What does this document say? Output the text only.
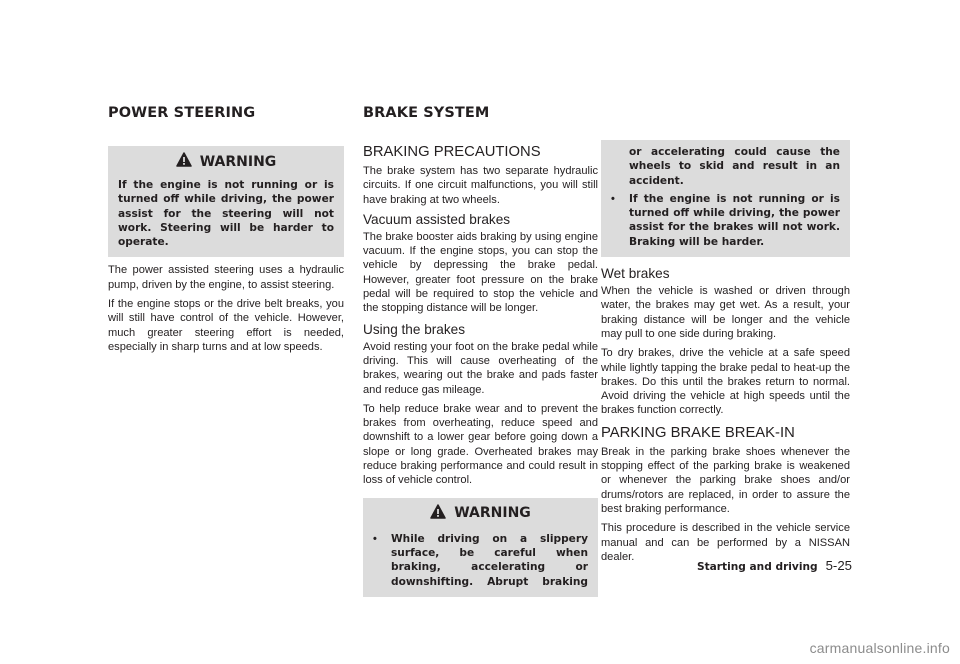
POWER STEERING	BRAKE SYSTEM
WARNING

If the engine is not running or is turned off while driving, the power assist for the steering will not work. Steering will be harder to operate.

The power assisted steering uses a hydraulic pump, driven by the engine, to assist steering.

If the engine stops or the drive belt breaks, you will still have control of the vehicle. However, much greater steering effort is needed, especially in sharp turns and at low speeds.

BRAKING PRECAUTIONS

The brake system has two separate hydraulic circuits. If one circuit malfunctions, you will still have braking at two wheels.

Vacuum assisted brakes

The brake booster aids braking by using engine vacuum. If the engine stops, you can stop the vehicle by depressing the brake pedal. However, greater foot pressure on the brake pedal will be required to stop the vehicle and the stopping distance will be longer.

Using the brakes

Avoid resting your foot on the brake pedal while driving. This will cause overheating of the brakes, wearing out the brake and pads faster and reduce gas mileage.

To help reduce brake wear and to prevent the brakes from overheating, reduce speed and downshift to a lower gear before going down a slope or long grade. Overheated brakes may reduce braking performance and could result in loss of vehicle control.

WARNING
•	While driving on a slippery surface, be careful when braking, accelerating or downshifting. Abrupt braking

or accelerating could cause the wheels to skid and result in an accident.

•	If the engine is not running or is turned off while driving, the power assist for the brakes will not work. Braking will be harder.

Wet brakes

When the vehicle is washed or driven through water, the brakes may get wet. As a result, your braking distance will be longer and the vehicle may pull to one side during braking.

To dry brakes, drive the vehicle at a safe speed while lightly tapping the brake pedal to heat-up the brakes. Do this until the brakes return to normal. Avoid driving the vehicle at high speeds until the brakes function correctly.

PARKING BRAKE BREAK-IN

Break in the parking brake shoes whenever the stopping effect of the parking brake is weakened or whenever the parking brake shoes and/or drums/rotors are replaced, in order to assure the best braking performance.

This procedure is described in the vehicle service manual and can be performed by a NISSAN dealer.

Starting and driving 5-25
carmanualsonline.info
